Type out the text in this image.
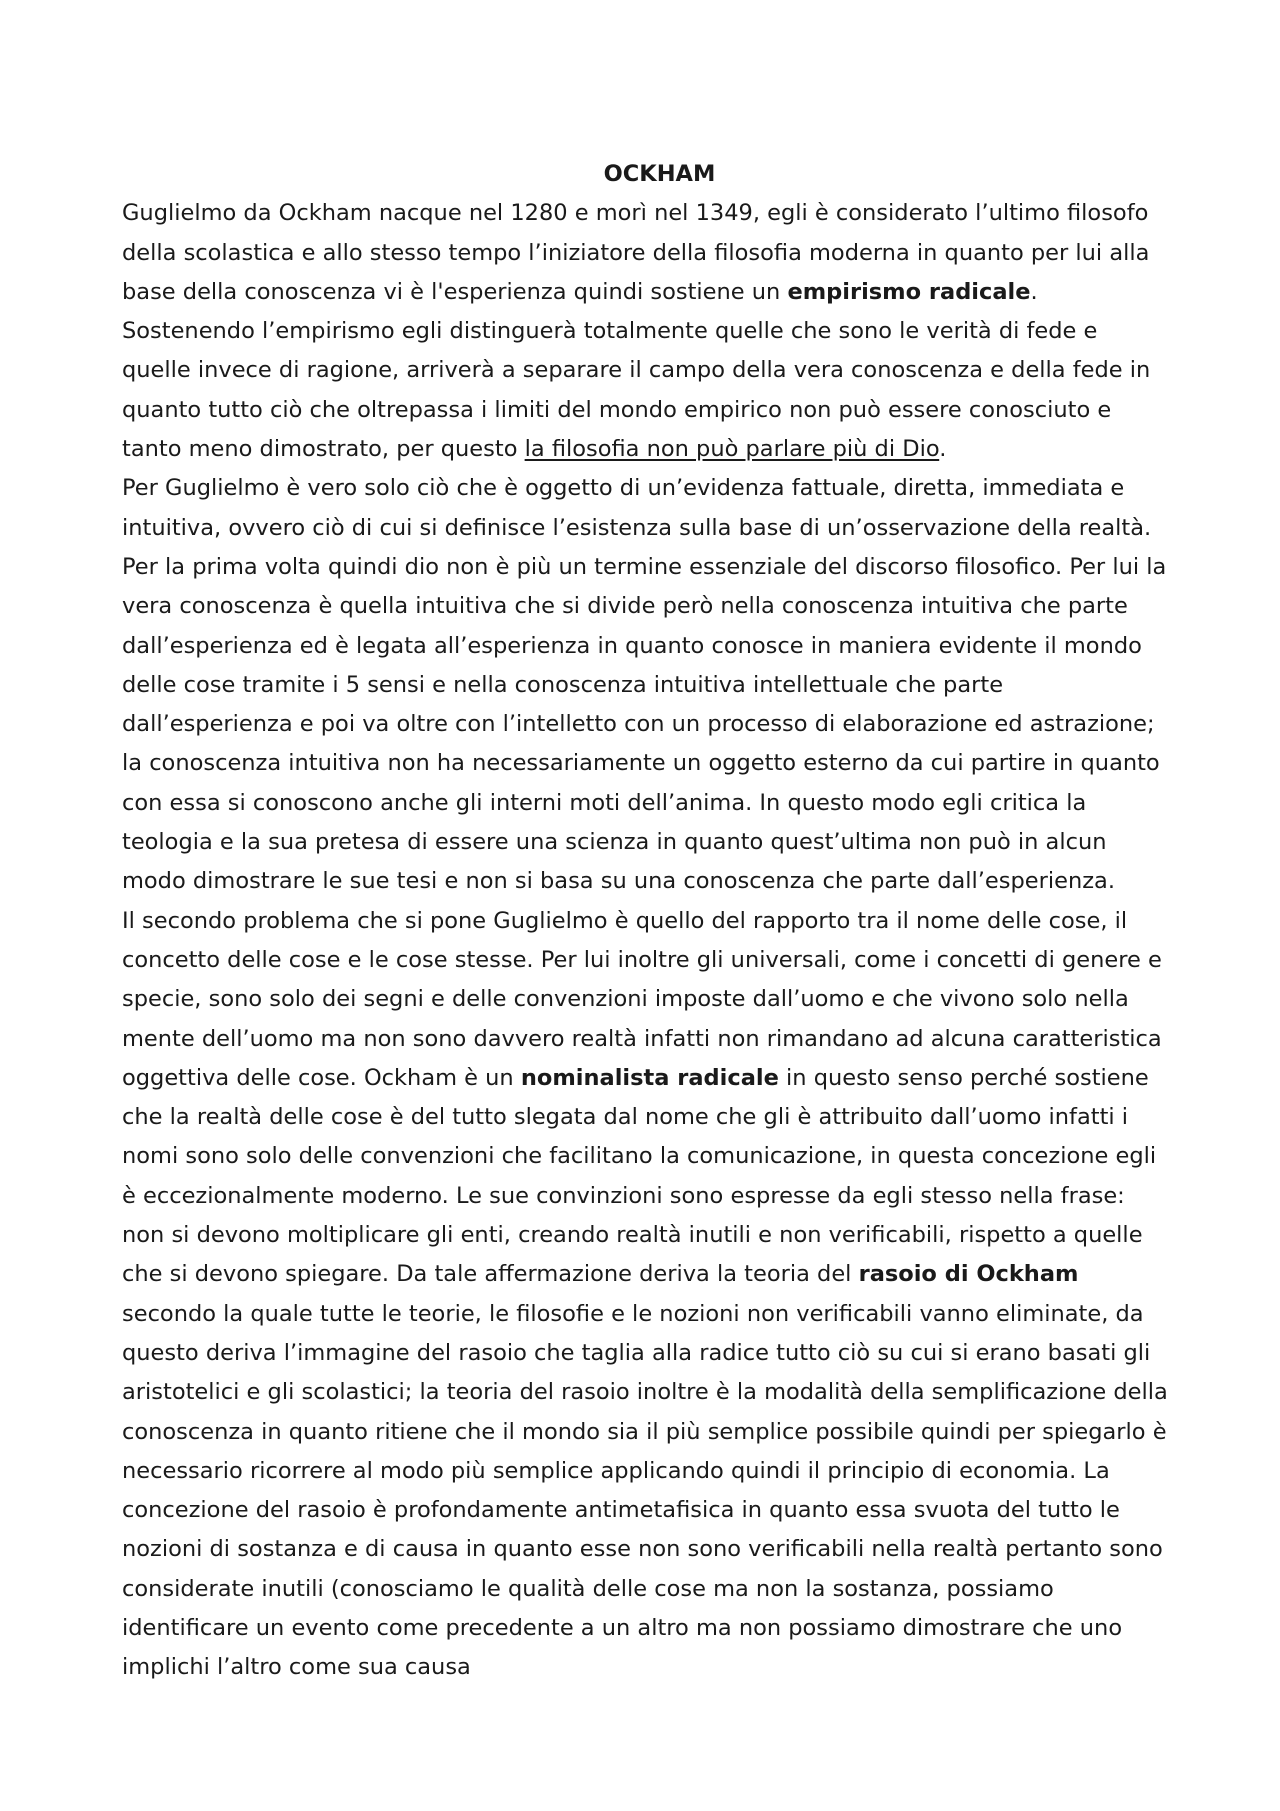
OCKHAM

Guglielmo da Ockham nacque nel 1280 e morì nel 1349, egli è considerato l’ultimo filosofo della scolastica e allo stesso tempo l’iniziatore della filosofia moderna in quanto per lui alla base della conoscenza vi è l'esperienza quindi sostiene un empirismo radicale. Sostenendo l’empirismo egli distinguerà totalmente quelle che sono le verità di fede e quelle invece di ragione, arriverà a separare il campo della vera conoscenza e della fede in quanto tutto ciò che oltrepassa i limiti del mondo empirico non può essere conosciuto e tanto meno dimostrato, per questo la filosofia non può parlare più di Dio.

Per Guglielmo è vero solo ciò che è oggetto di un’evidenza fattuale, diretta, immediata e intuitiva, ovvero ciò di cui si definisce l’esistenza sulla base di un’osservazione della realtà. Per la prima volta quindi dio non è più un termine essenziale del discorso filosofico. Per lui la vera conoscenza è quella intuitiva che si divide però nella conoscenza intuitiva che parte dall’esperienza ed è legata all’esperienza in quanto conosce in maniera evidente il mondo delle cose tramite i 5 sensi e nella conoscenza intuitiva intellettuale che parte dall’esperienza e poi va oltre con l’intelletto con un processo di elaborazione ed astrazione; la conoscenza intuitiva non ha necessariamente un oggetto esterno da cui partire in quanto con essa si conoscono anche gli interni moti dell’anima. In questo modo egli critica la teologia e la sua pretesa di essere una scienza in quanto quest’ultima non può in alcun modo dimostrare le sue tesi e non si basa su una conoscenza che parte dall’esperienza.

Il secondo problema che si pone Guglielmo è quello del rapporto tra il nome delle cose, il concetto delle cose e le cose stesse. Per lui inoltre gli universali, come i concetti di genere e specie, sono solo dei segni e delle convenzioni imposte dall’uomo e che vivono solo nella mente dell’uomo ma non sono davvero realtà infatti non rimandano ad alcuna caratteristica oggettiva delle cose. Ockham è un nominalista radicale in questo senso perché sostiene che la realtà delle cose è del tutto slegata dal nome che gli è attribuito dall’uomo infatti i nomi sono solo delle convenzioni che facilitano la comunicazione, in questa concezione egli è eccezionalmente moderno. Le sue convinzioni sono espresse da egli stesso nella frase: non si devono moltiplicare gli enti, creando realtà inutili e non verificabili, rispetto a quelle che si devono spiegare. Da tale affermazione deriva la teoria del rasoio di Ockham secondo la quale tutte le teorie, le filosofie e le nozioni non verificabili vanno eliminate, da questo deriva l’immagine del rasoio che taglia alla radice tutto ciò su cui si erano basati gli aristotelici e gli scolastici; la teoria del rasoio inoltre è la modalità della semplificazione della conoscenza in quanto ritiene che il mondo sia il più semplice possibile quindi per spiegarlo è necessario ricorrere al modo più semplice applicando quindi il principio di economia. La concezione del rasoio è profondamente antimetafisica in quanto essa svuota del tutto le nozioni di sostanza e di causa in quanto esse non sono verificabili nella realtà pertanto sono considerate inutili (conosciamo le qualità delle cose ma non la sostanza, possiamo identificare un evento come precedente a un altro ma non possiamo dimostrare che uno implichi l’altro come sua causa
